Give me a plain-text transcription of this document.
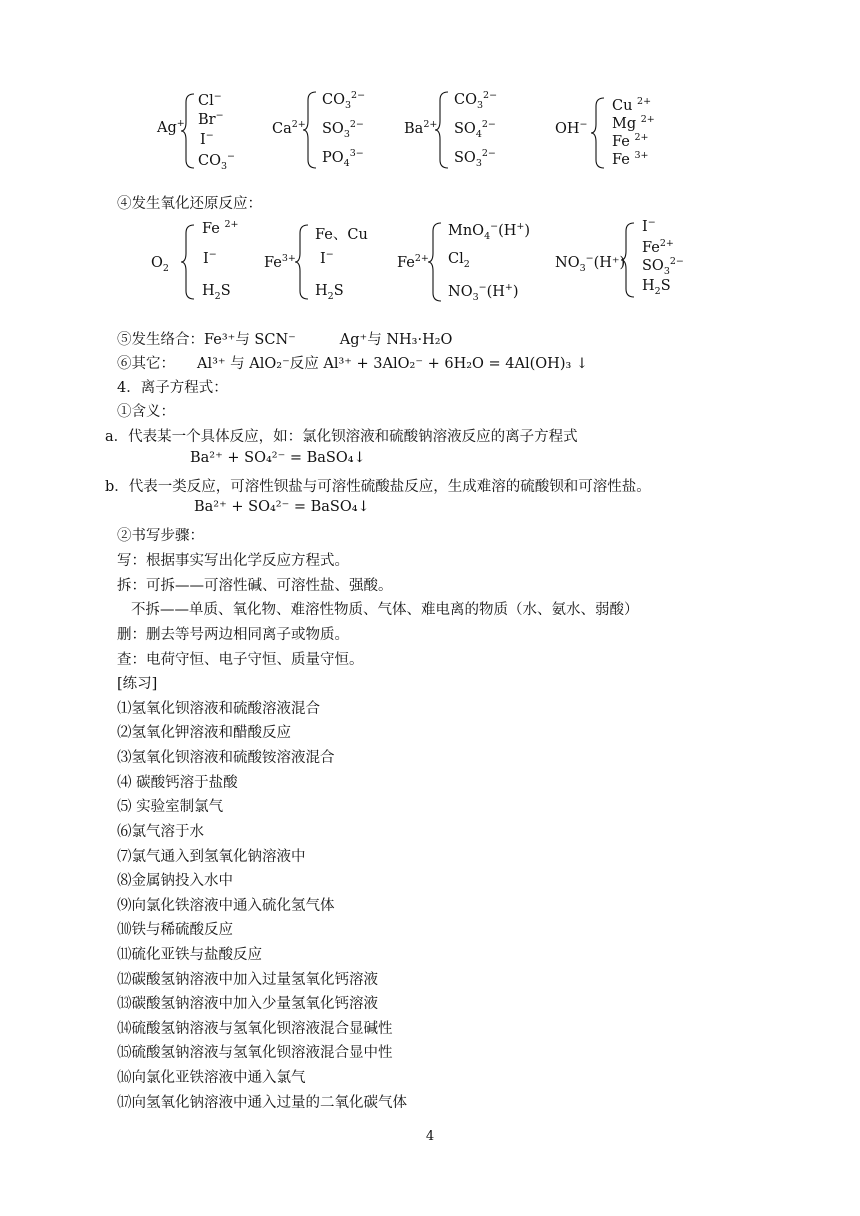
Ag+
Cl−
Br−
I−
$CO_3^-$
$Ca^{2+}$
$CO_3^{2-}$
$SO_3^{2-}$
$PO_4^{3-}$
$Ba^{2+}$
$CO_3^{2-}$
$SO_4^{2-}$
$SO_3^{2-}$
OH−
Cu $^{2+}$
Mg $^{2+}$
Fe $^{2+}$
Fe $^{3+}$
④发生氧化还原反应：
$O_2$
Fe $^{2+}$
I−
$H_2S$
$Fe^{3+}$
Fe、Cu
I−
$H_2S$
$Fe^{2+}$
MnO$_4$−(H+)
$Cl_2$
$NO_3^-(H^+)$
$NO_3^-(H^+)$
I−
$Fe^{2+}$
$SO_3^{2-}$
$H_2S$
⑤发生络合：Fe³⁺与 SCN⁻	Ag⁺与 NH₃·H₂O
⑥其它： Al³⁺ 与 AlO₂⁻反应 Al³⁺ + 3AlO₂⁻ + 6H₂O = 4Al(OH)₃ ↓
4．离子方程式：
①含义：
a．代表某一个具体反应，如：氯化钡溶液和硫酸钠溶液反应的离子方程式
Ba²⁺ + SO₄²⁻ = BaSO₄↓
b．代表一类反应，可溶性钡盐与可溶性硫酸盐反应，生成难溶的硫酸钡和可溶性盐。
Ba²⁺ + SO₄²⁻ = BaSO₄↓
②书写步骤：
写：根据事实写出化学反应方程式。
拆：可拆——可溶性碱、可溶性盐、强酸。
不拆——单质、氧化物、难溶性物质、气体、难电离的物质（水、氨水、弱酸）
删：删去等号两边相同离子或物质。
查：电荷守恒、电子守恒、质量守恒。
[练习]
⑴氢氧化钡溶液和硫酸溶液混合
⑵氢氧化钾溶液和醋酸反应
⑶氢氧化钡溶液和硫酸铵溶液混合
⑷ 碳酸钙溶于盐酸
⑸ 实验室制氯气
⑹氯气溶于水
⑺氯气通入到氢氧化钠溶液中
⑻金属钠投入水中
⑼向氯化铁溶液中通入硫化氢气体
⑽铁与稀硫酸反应
⑾硫化亚铁与盐酸反应
⑿碳酸氢钠溶液中加入过量氢氧化钙溶液
⒀碳酸氢钠溶液中加入少量氢氧化钙溶液
⒁硫酸氢钠溶液与氢氧化钡溶液混合显碱性
⒂硫酸氢钠溶液与氢氧化钡溶液混合显中性
⒃向氯化亚铁溶液中通入氯气
⒄向氢氧化钠溶液中通入过量的二氧化碳气体
4
